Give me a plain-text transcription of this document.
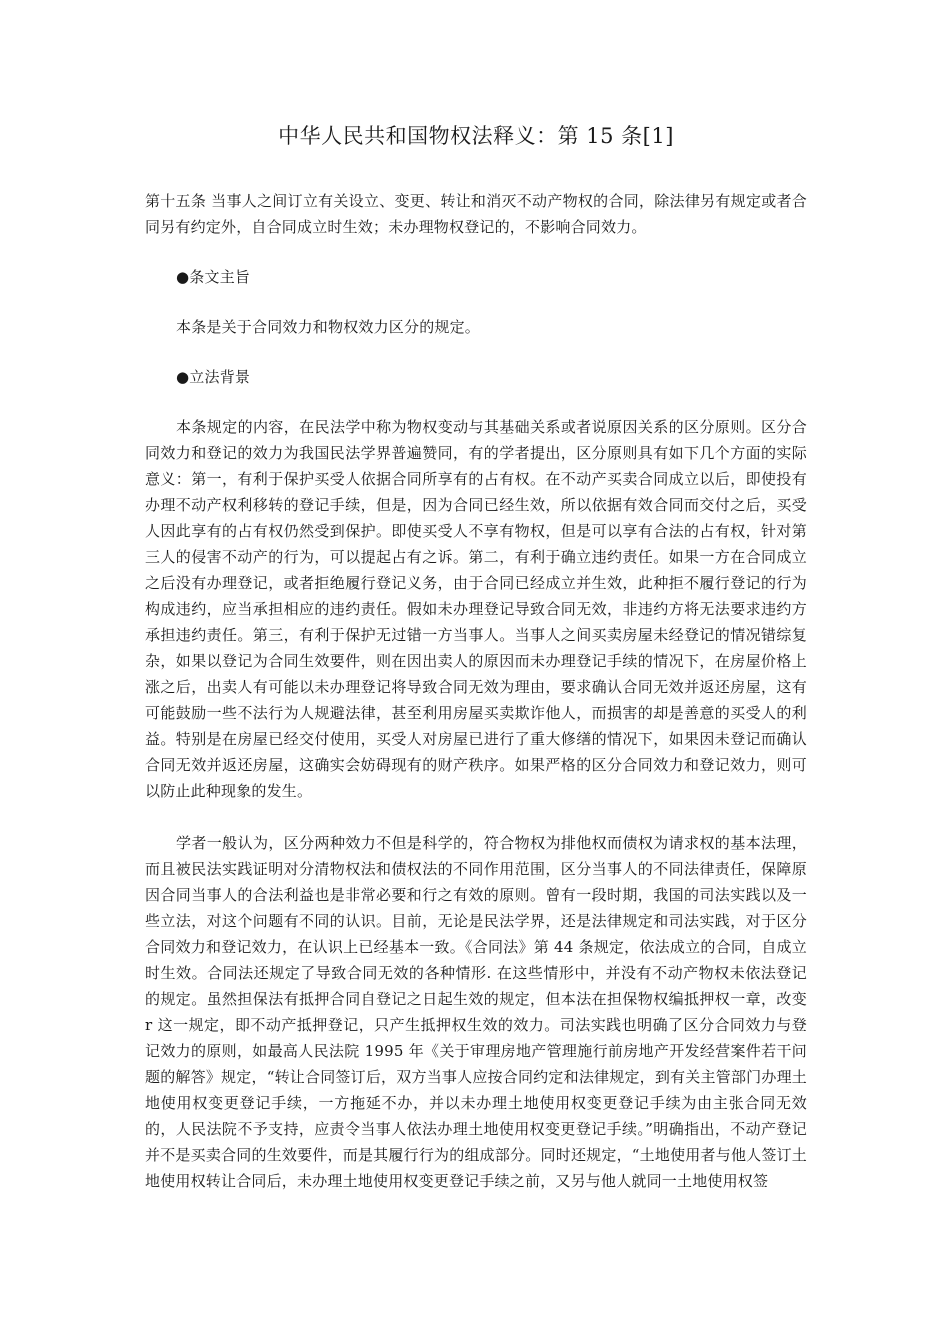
中华人民共和国物权法释义：第 15 条[1]

第十五条 当事人之间订立有关设立、变更、转让和消灭不动产物权的合同，除法律另有规定或者合同另有约定外，自合同成立时生效；未办理物权登记的，不影响合同效力。

●条文主旨

本条是关于合同效力和物权效力区分的规定。

●立法背景

本条规定的内容，在民法学中称为物权变动与其基础关系或者说原因关系的区分原则。区分合同效力和登记的效力为我国民法学界普遍赞同，有的学者提出，区分原则具有如下几个方面的实际意义：第一，有利于保护买受人依据合同所享有的占有权。在不动产买卖合同成立以后，即使投有办理不动产权利移转的登记手续，但是，因为合同已经生效，所以依据有效合同而交付之后，买受人因此享有的占有权仍然受到保护。即使买受人不享有物权，但是可以享有合法的占有权，针对第三人的侵害不动产的行为，可以提起占有之诉。第二，有利于确立违约责任。如果一方在合同成立之后没有办理登记，或者拒绝履行登记义务，由于合同已经成立并生效，此种拒不履行登记的行为构成违约，应当承担相应的违约责任。假如未办理登记导致合同无效，非违约方将无法要求违约方承担违约责任。第三，有利于保护无过错一方当事人。当事人之间买卖房屋未经登记的情况错综复杂，如果以登记为合同生效要件，则在因出卖人的原因而未办理登记手续的情况下，在房屋价格上涨之后，出卖人有可能以未办理登记将导致合同无效为理由，要求确认合同无效并返还房屋，这有可能鼓励一些不法行为人规避法律，甚至利用房屋买卖欺诈他人，而损害的却是善意的买受人的利益。特别是在房屋已经交付使用，买受人对房屋已进行了重大修缮的情况下，如果因未登记而确认合同无效并返还房屋，这确实会妨碍现有的财产秩序。如果严格的区分合同效力和登记效力，则可以防止此种现象的发生。

学者一般认为，区分两种效力不但是科学的，符合物权为排他权而债权为请求权的基本法理，而且被民法实践证明对分清物权法和债权法的不同作用范围，区分当事人的不同法律责任，保障原因合同当事人的合法利益也是非常必要和行之有效的原则。曾有一段时期，我国的司法实践以及一些立法，对这个问题有不同的认识。目前，无论是民法学界，还是法律规定和司法实践，对于区分合同效力和登记效力，在认识上已经基本一致。《合同法》第 44 条规定，依法成立的合同，自成立时生效。合同法还规定了导致合同无效的各种情形. 在这些情形中，并没有不动产物权未依法登记的规定。虽然担保法有抵押合同自登记之日起生效的规定，但本法在担保物权编抵押权一章，改变 r 这一规定，即不动产抵押登记，只产生抵押权生效的效力。司法实践也明确了区分合同效力与登记效力的原则，如最高人民法院 1995 年《关于审理房地产管理施行前房地产开发经营案件若干问题的解答》规定，“转让合同签订后，双方当事人应按合同约定和法律规定，到有关主管部门办理土地使用权变更登记手续，一方拖延不办，并以未办理土地使用权变更登记手续为由主张合同无效的，人民法院不予支持，应责令当事人依法办理土地使用权变更登记手续。”明确指出，不动产登记并不是买卖合同的生效要件，而是其履行行为的组成部分。同时还规定，“土地使用者与他人签订土地使用权转让合同后，未办理土地使用权变更登记手续之前，又另与他人就同一土地使用权签
